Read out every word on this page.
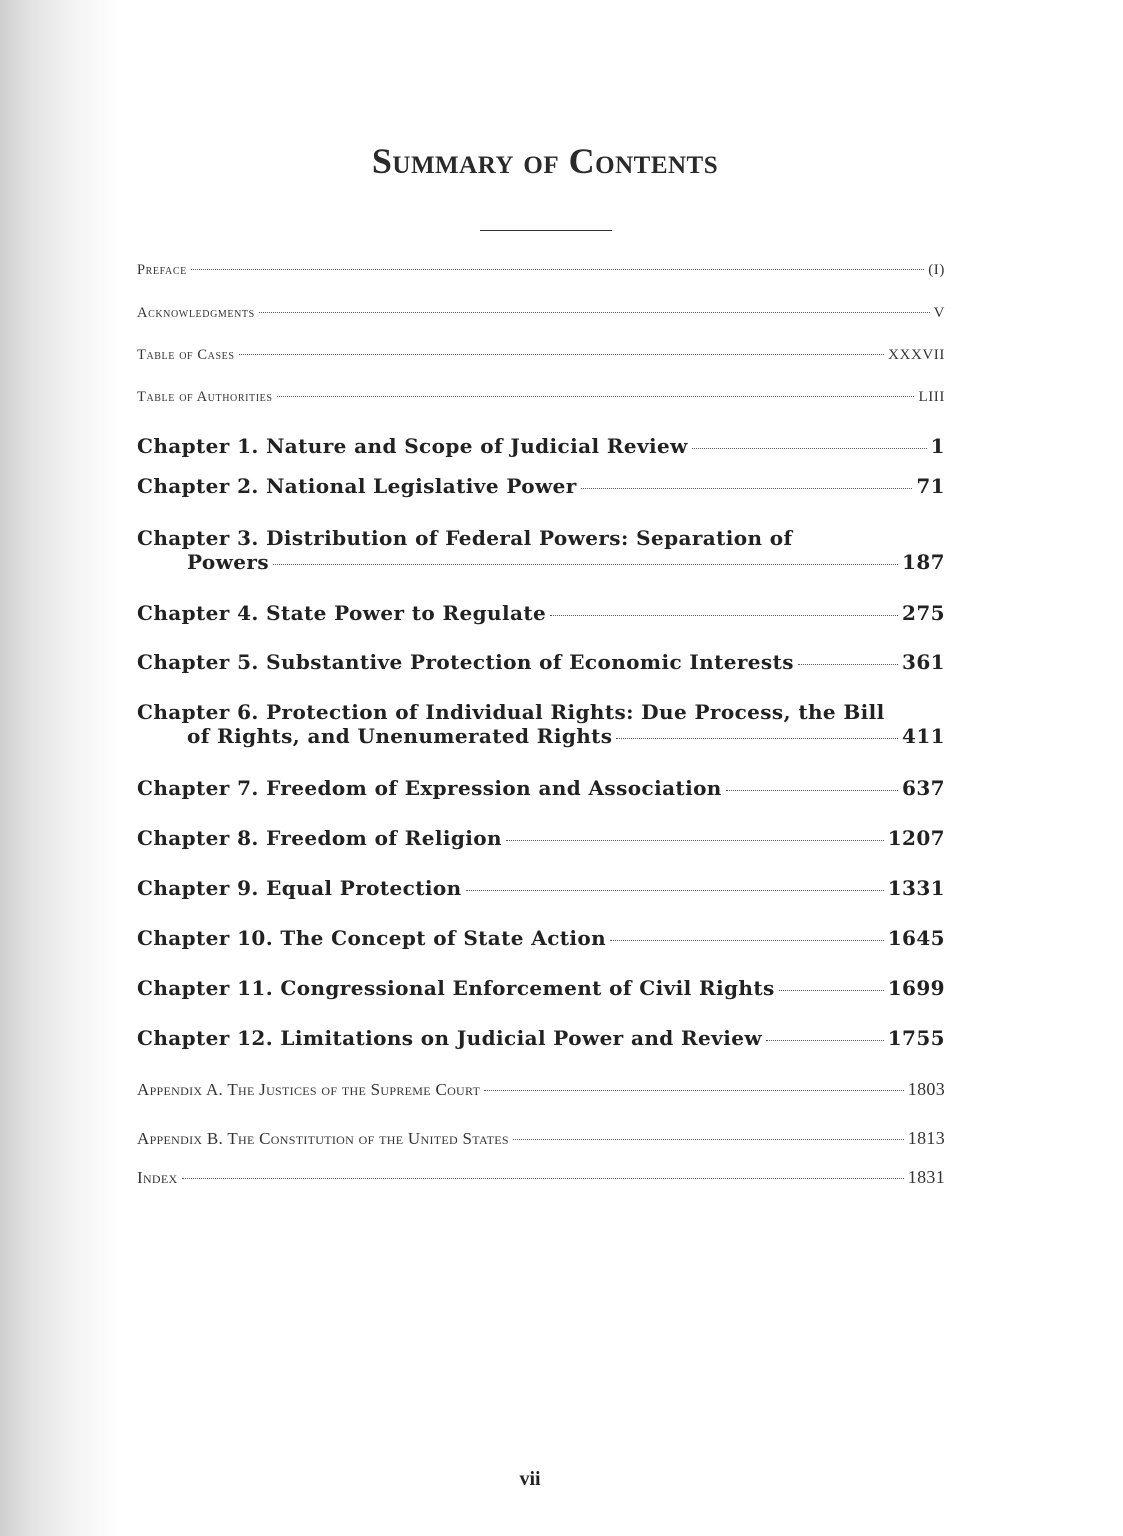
Summary of Contents
Preface	(I)
Acknowledgments	V
Table of Cases	XXXVII
Table of Authorities	LIII
Chapter 1. Nature and Scope of Judicial Review	1
Chapter 2. National Legislative Power	71
Chapter 3. Distribution of Federal Powers: Separation of
Powers	187
Chapter 4. State Power to Regulate	275
Chapter 5. Substantive Protection of Economic Interests	361
Chapter 6. Protection of Individual Rights: Due Process, the Bill
of Rights, and Unenumerated Rights	411
Chapter 7. Freedom of Expression and Association	637
Chapter 8. Freedom of Religion	1207
Chapter 9. Equal Protection	1331
Chapter 10. The Concept of State Action	1645
Chapter 11. Congressional Enforcement of Civil Rights	1699
Chapter 12. Limitations on Judicial Power and Review	1755
Appendix A. The Justices of the Supreme Court	1803
Appendix B. The Constitution of the United States	1813
Index	1831
vii
